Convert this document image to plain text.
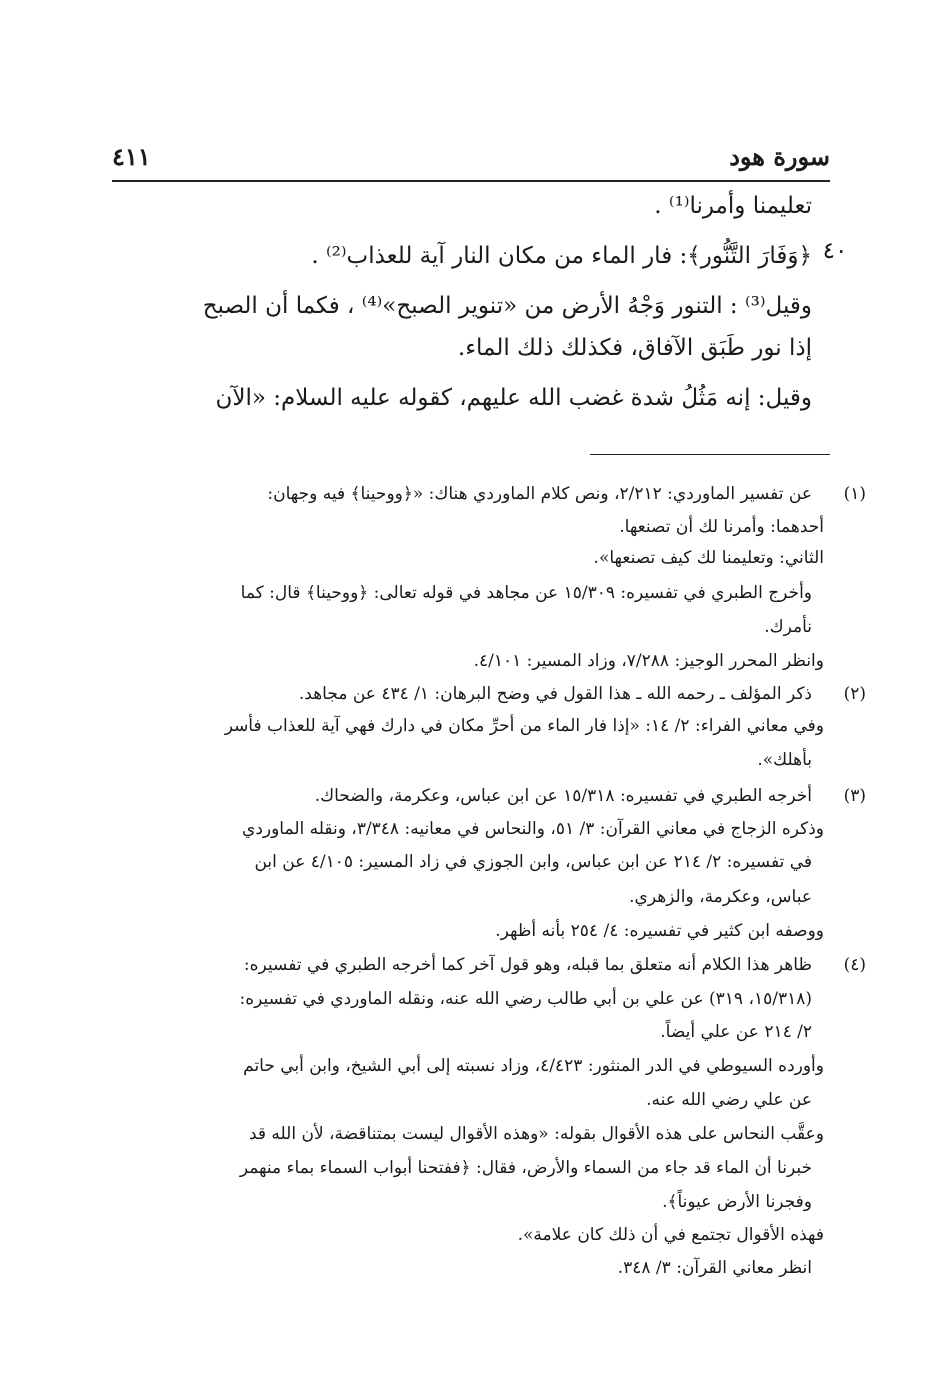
سورة هود
٤١١
تعليمنا وأمرنا⁽¹⁾ .
﴿وَفَارَ التَّنُّور﴾: فار الماء من مكان النار آية للعذاب⁽²⁾ .
وقيل⁽³⁾ : التنور وَجْهُ الأرض من «تنوير الصبح»⁽⁴⁾ ، فكما أن الصبح
إذا نور طَبَق الآفاق، فكذلك ذلك الماء.
وقيل: إنه مَثُلُ شدة غضب الله عليهم، كقوله عليه السلام: «الآن
٤٠
(١)
عن تفسير الماوردي: ٢/٢١٢، ونص كلام الماوردي هناك: «﴿ووحينا﴾ فيه وجهان:
أحدهما: وأمرنا لك أن تصنعها.
الثاني: وتعليمنا لك كيف تصنعها».
وأخرج الطبري في تفسيره: ١٥/٣٠٩ عن مجاهد في قوله تعالى: ﴿ووحينا﴾ قال: كما
نأمرك.
وانظر المحرر الوجيز: ٧/٢٨٨، وزاد المسير: ٤/١٠١.
(٢)
ذكر المؤلف ـ رحمه الله ـ هذا القول في وضح البرهان: ١/ ٤٣٤ عن مجاهد.
وفي معاني الفراء: ٢/ ١٤: «إذا فار الماء من أحرِّ مكان في دارك فهي آية للعذاب فأسر
بأهلك».
(٣)
أخرجه الطبري في تفسيره: ١٥/٣١٨ عن ابن عباس، وعكرمة، والضحاك.
وذكره الزجاج في معاني القرآن: ٣/ ٥١، والنحاس في معانيه: ٣/٣٤٨، ونقله الماوردي
في تفسيره: ٢/ ٢١٤ عن ابن عباس، وابن الجوزي في زاد المسير: ٤/١٠٥ عن ابن
عباس، وعكرمة، والزهري.
ووصفه ابن كثير في تفسيره: ٤/ ٢٥٤ بأنه أظهر.
(٤)
ظاهر هذا الكلام أنه متعلق بما قبله، وهو قول آخر كما أخرجه الطبري في تفسيره:
(١٥/٣١٨، ٣١٩) عن علي بن أبي طالب رضي الله عنه، ونقله الماوردي في تفسيره:
٢/ ٢١٤ عن علي أيضاً.
وأورده السيوطي في الدر المنثور: ٤/٤٢٣، وزاد نسبته إلى أبي الشيخ، وابن أبي حاتم
عن علي رضي الله عنه.
وعقَّب النحاس على هذه الأقوال بقوله: «وهذه الأقوال ليست بمتناقضة، لأن الله قد
خبرنا أن الماء قد جاء من السماء والأرض، فقال: ﴿ففتحنا أبواب السماء بماء منهمر
وفجرنا الأرض عيوناً﴾.
فهذه الأقوال تجتمع في أن ذلك كان علامة».
انظر معاني القرآن: ٣/ ٣٤٨.
